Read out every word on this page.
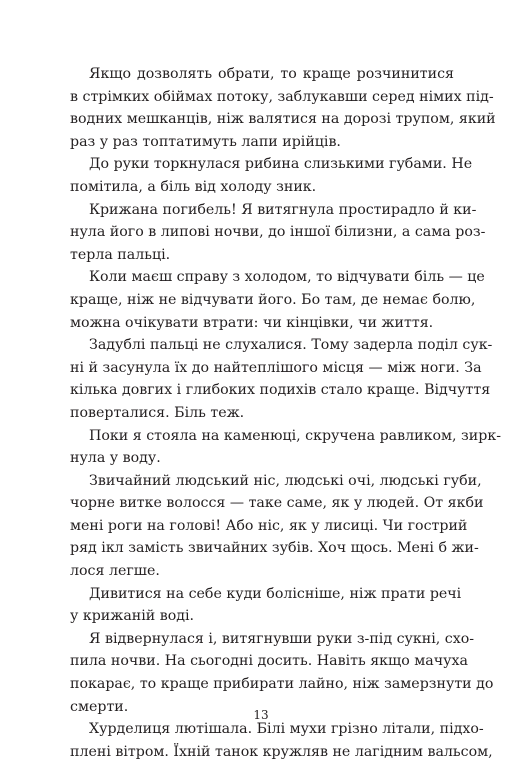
Якщо дозволять обрати, то краще розчинитися
в стрімких обіймах потоку, заблукавши серед німих під-
водних мешканців, ніж валятися на дорозі трупом, який
раз у раз топтатимуть лапи ирійців.
До руки торкнулася рибина слизькими губами. Не
помітила, а біль від холоду зник.
Крижана погибель! Я витягнула простирадло й ки-
нула його в липові ночви, до іншої білизни, а сама роз-
терла пальці.
Коли маєш справу з холодом, то відчувати біль — це
краще, ніж не відчувати його. Бо там, де немає болю,
можна очікувати втрати: чи кінцівки, чи життя.
Задублі пальці не слухалися. Тому задерла поділ сук-
ні й засунула їх до найтеплішого місця — між ноги. За
кілька довгих і глибоких подихів стало краще. Відчуття
поверталися. Біль теж.
Поки я стояла на каменюці, скручена равликом, зирк-
нула у воду.
Звичайний людський ніс, людські очі, людські губи,
чорне витке волосся — таке саме, як у людей. От якби
мені роги на голові! Або ніс, як у лисиці. Чи гострий
ряд ікл замість звичайних зубів. Хоч щось. Мені б жи-
лося легше.
Дивитися на себе куди болісніше, ніж прати речі
у крижаній воді.
Я відвернулася і, витягнувши руки з-під сукні, схо-
пила ночви. На сьогодні досить. Навіть якщо мачуха
покарає, то краще прибирати лайно, ніж замерзнути до
смерти.
Хурделиця лютішала. Білі мухи грізно літали, підхо-
плені вітром. Їхній танок кружляв не лагідним вальсом,
13
